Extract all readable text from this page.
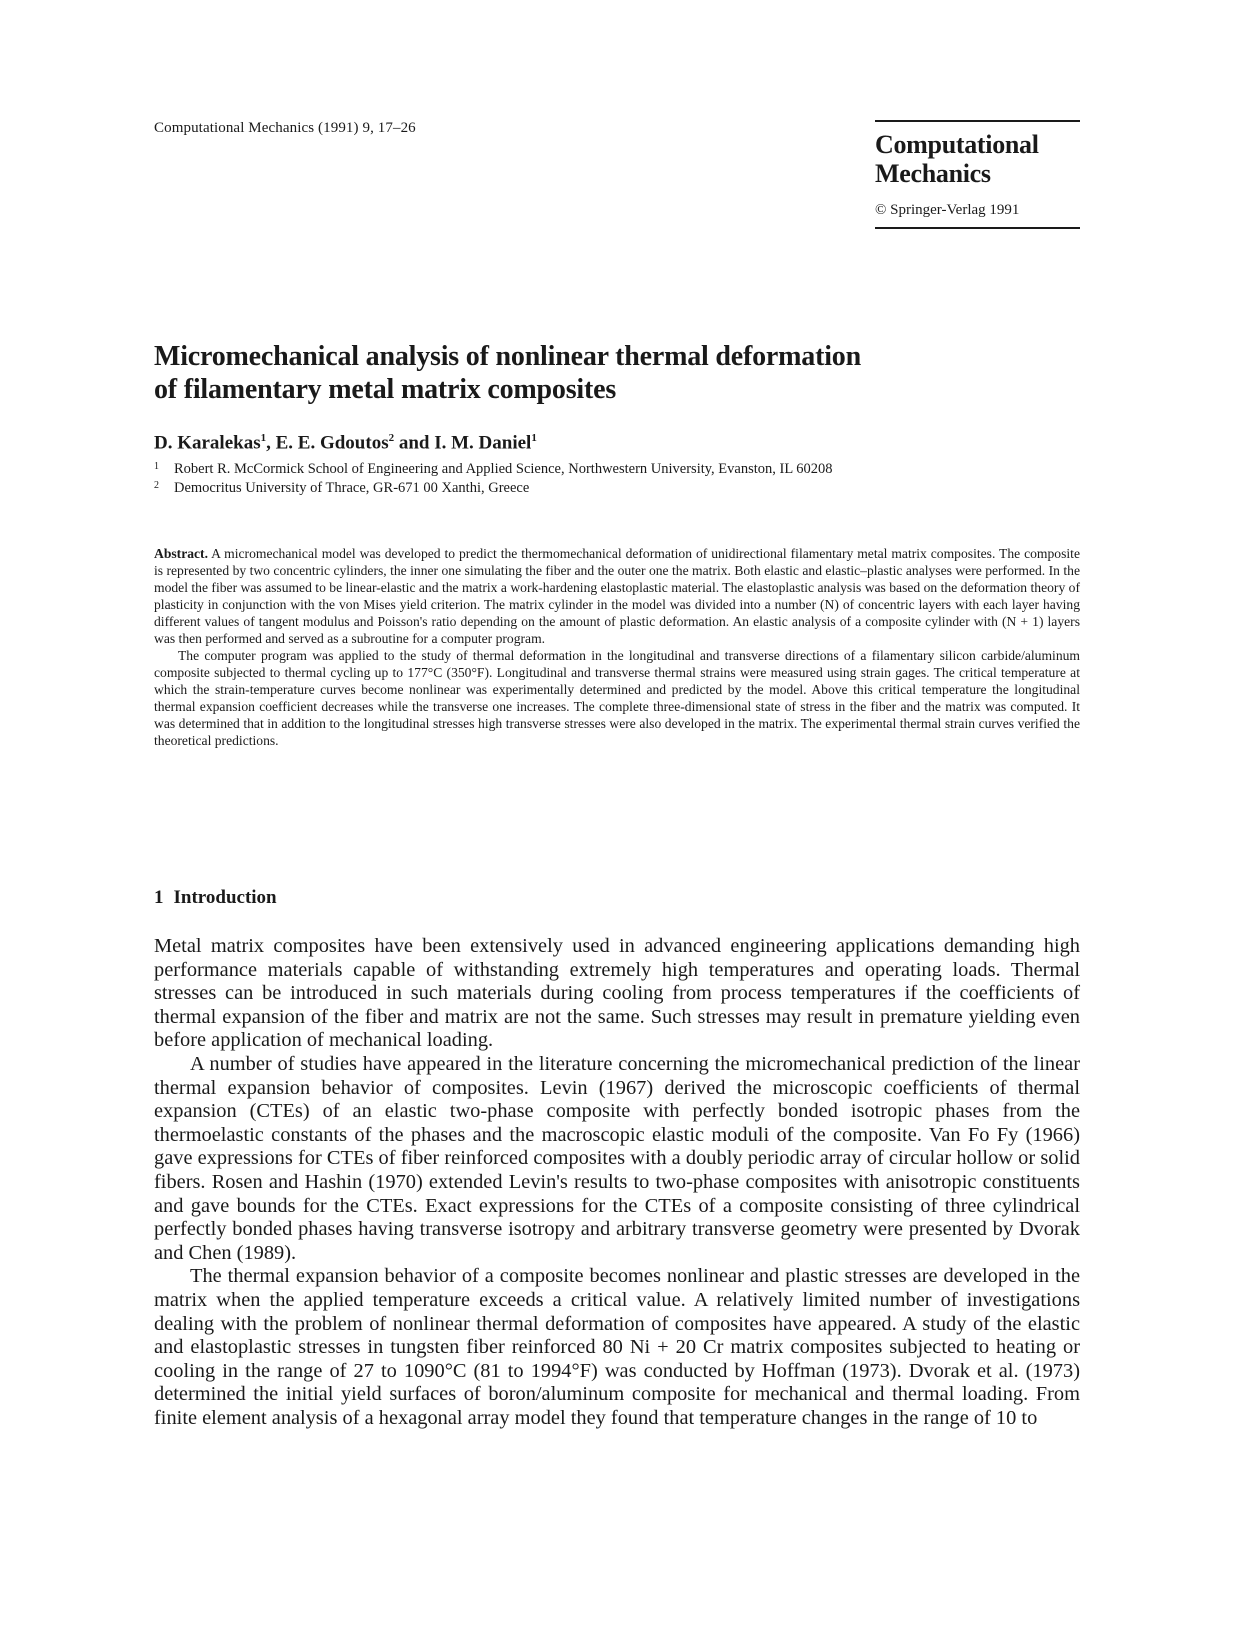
Computational Mechanics (1991) 9, 17–26
Computational
Mechanics
© Springer-Verlag 1991
Micromechanical analysis of nonlinear thermal deformation
of filamentary metal matrix composites
D. Karalekas$^1$, E. E. Gdoutos$^2$ and I. M. Daniel$^1$
1 Robert R. McCormick School of Engineering and Applied Science, Northwestern University, Evanston, IL 60208
2 Democritus University of Thrace, GR-671 00 Xanthi, Greece

Abstract. A micromechanical model was developed to predict the thermomechanical deformation of unidirectional filamentary metal matrix composites. The composite is represented by two concentric cylinders, the inner one simulating the fiber and the outer one the matrix. Both elastic and elastic–plastic analyses were performed. In the model the fiber was assumed to be linear-elastic and the matrix a work-hardening elastoplastic material. The elastoplastic analysis was based on the deformation theory of plasticity in conjunction with the von Mises yield criterion. The matrix cylinder in the model was divided into a number (N) of concentric layers with each layer having different values of tangent modulus and Poisson's ratio depending on the amount of plastic deformation. An elastic analysis of a composite cylinder with (N + 1) layers was then performed and served as a subroutine for a computer program.

The computer program was applied to the study of thermal deformation in the longitudinal and transverse directions of a filamentary silicon carbide/aluminum composite subjected to thermal cycling up to 177°C (350°F). Longitudinal and transverse thermal strains were measured using strain gages. The critical temperature at which the strain-temperature curves become nonlinear was experimentally determined and predicted by the model. Above this critical temperature the longitudinal thermal expansion coefficient decreases while the transverse one increases. The complete three-dimensional state of stress in the fiber and the matrix was computed. It was determined that in addition to the longitudinal stresses high transverse stresses were also developed in the matrix. The experimental thermal strain curves verified the theoretical predictions.

1 Introduction

Metal matrix composites have been extensively used in advanced engineering applications demanding high performance materials capable of withstanding extremely high temperatures and operating loads. Thermal stresses can be introduced in such materials during cooling from process temperatures if the coefficients of thermal expansion of the fiber and matrix are not the same. Such stresses may result in premature yielding even before application of mechanical loading.

A number of studies have appeared in the literature concerning the micromechanical prediction of the linear thermal expansion behavior of composites. Levin (1967) derived the microscopic coefficients of thermal expansion (CTEs) of an elastic two-phase composite with perfectly bonded isotropic phases from the thermoelastic constants of the phases and the macroscopic elastic moduli of the composite. Van Fo Fy (1966) gave expressions for CTEs of fiber reinforced composites with a doubly periodic array of circular hollow or solid fibers. Rosen and Hashin (1970) extended Levin's results to two-phase composites with anisotropic constituents and gave bounds for the CTEs. Exact expressions for the CTEs of a composite consisting of three cylindrical perfectly bonded phases having transverse isotropy and arbitrary transverse geometry were presented by Dvorak and Chen (1989).

The thermal expansion behavior of a composite becomes nonlinear and plastic stresses are developed in the matrix when the applied temperature exceeds a critical value. A relatively limited number of investigations dealing with the problem of nonlinear thermal deformation of composites have appeared. A study of the elastic and elastoplastic stresses in tungsten fiber reinforced 80 Ni + 20 Cr matrix composites subjected to heating or cooling in the range of 27 to 1090°C (81 to 1994°F) was conducted by Hoffman (1973). Dvorak et al. (1973) determined the initial yield surfaces of boron/aluminum composite for mechanical and thermal loading. From finite element analysis of a hexagonal array model they found that temperature changes in the range of 10 to
